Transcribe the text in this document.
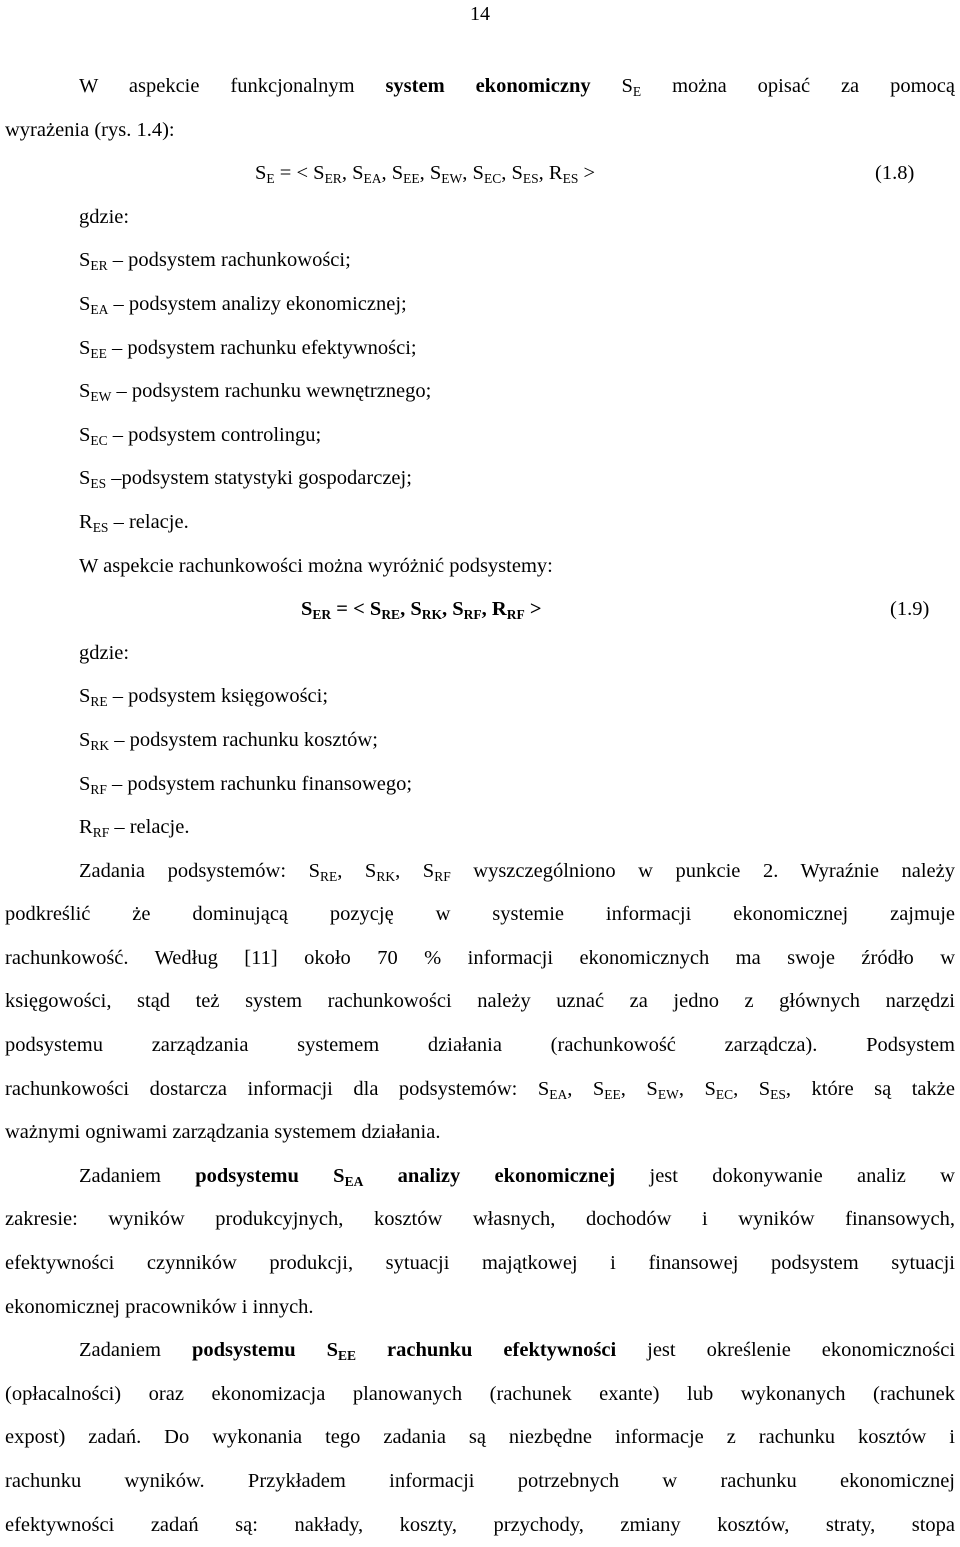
14
W aspekcie funkcjonalnym system ekonomiczny $S_E$ można opisać za pomocą
wyrażenia (rys. 1.4):
$S_E$ = < $S_{ER}$, $S_{EA}$, $S_{EE}$, $S_{EW}$, $S_{EC}$, $S_{ES}$, $R_{ES}$ >	(1.8)
gdzie:
$S_{ER}$ – podsystem rachunkowości;
$S_{EA}$ – podsystem analizy ekonomicznej;
$S_{EE}$ – podsystem rachunku efektywności;
$S_{EW}$ – podsystem rachunku wewnętrznego;
$S_{EC}$ – podsystem controlingu;
$S_{ES}$ –podsystem statystyki gospodarczej;
$R_{ES}$ – relacje.
W aspekcie rachunkowości można wyróżnić podsystemy:
$S_{ER}$ = < $S_{RE}$, $S_{RK}$, $S_{RF}$, $R_{RF}$ >	(1.9)
gdzie:
$S_{RE}$ – podsystem księgowości;
$S_{RK}$ – podsystem rachunku kosztów;
$S_{RF}$ – podsystem rachunku finansowego;
$R_{RF}$ – relacje.
Zadania podsystemów: $S_{RE}$, $S_{RK}$, $S_{RF}$ wyszczególniono w punkcie 2. Wyraźnie należy
podkreślić że dominującą pozycję w systemie informacji ekonomicznej zajmuje
rachunkowość. Według [11] około 70 % informacji ekonomicznych ma swoje źródło w
księgowości, stąd też system rachunkowości należy uznać za jedno z głównych narzędzi
podsystemu zarządzania systemem działania (rachunkowość zarządcza). Podsystem
rachunkowości dostarcza informacji dla podsystemów: $S_{EA}$, $S_{EE}$, $S_{EW}$, $S_{EC}$, $S_{ES}$, które są także
ważnymi ogniwami zarządzania systemem działania.
Zadaniem podsystemu $S_{EA}$ analizy ekonomicznej jest dokonywanie analiz w
zakresie: wyników produkcyjnych, kosztów własnych, dochodów i wyników finansowych,
efektywności czynników produkcji, sytuacji majątkowej i finansowej podsystem sytuacji
ekonomicznej pracowników i innych.
Zadaniem podsystemu $S_{EE}$ rachunku efektywności jest określenie ekonomiczności
(opłacalności) oraz ekonomizacja planowanych (rachunek exante) lub wykonanych (rachunek
expost) zadań. Do wykonania tego zadania są niezbędne informacje z rachunku kosztów i
rachunku wyników. Przykładem informacji potrzebnych w rachunku ekonomicznej
efektywności zadań są: nakłady, koszty, przychody, zmiany kosztów, straty, stopa
